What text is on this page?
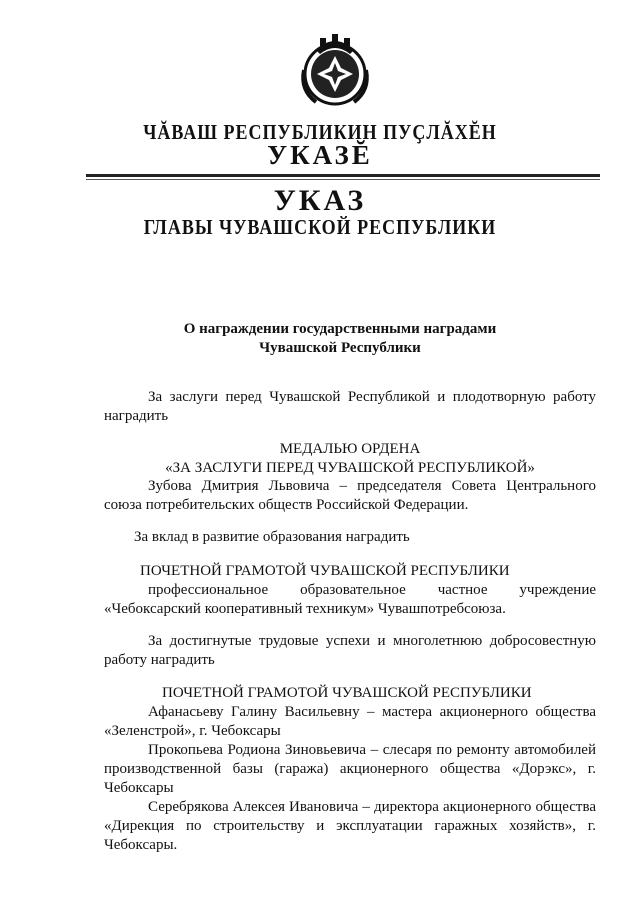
ЧĂВАШ РЕСПУБЛИКИН ПУҪЛĂХĔН
УКАЗĔ
УКАЗ
ГЛАВЫ ЧУВАШСКОЙ РЕСПУБЛИКИ
О награждении государственными наградами
Чувашской Республики

За заслуги перед Чувашской Республикой и плодотворную работу наградить

МЕДАЛЬЮ ОРДЕНА
«ЗА ЗАСЛУГИ ПЕРЕД ЧУВАШСКОЙ РЕСПУБЛИКОЙ»

Зубова Дмитрия Львовича – председателя Совета Центрального союза потребительских обществ Российской Федерации.

За вклад в развитие образования наградить

ПОЧЕТНОЙ ГРАМОТОЙ ЧУВАШСКОЙ РЕСПУБЛИКИ

профессиональное образовательное частное учреждение «Чебоксарский кооперативный техникум» Чувашпотребсоюза.

За достигнутые трудовые успехи и многолетнюю добросовестную работу наградить

ПОЧЕТНОЙ ГРАМОТОЙ ЧУВАШСКОЙ РЕСПУБЛИКИ

Афанасьеву Галину Васильевну – мастера акционерного общества «Зеленстрой», г. Чебоксары

Прокопьева Родиона Зиновьевича – слесаря по ремонту автомобилей производственной базы (гаража) акционерного общества «Дорэкс», г. Чебоксары

Серебрякова Алексея Ивановича – директора акционерного общества «Дирекция по строительству и эксплуатации гаражных хозяйств», г. Чебоксары.
